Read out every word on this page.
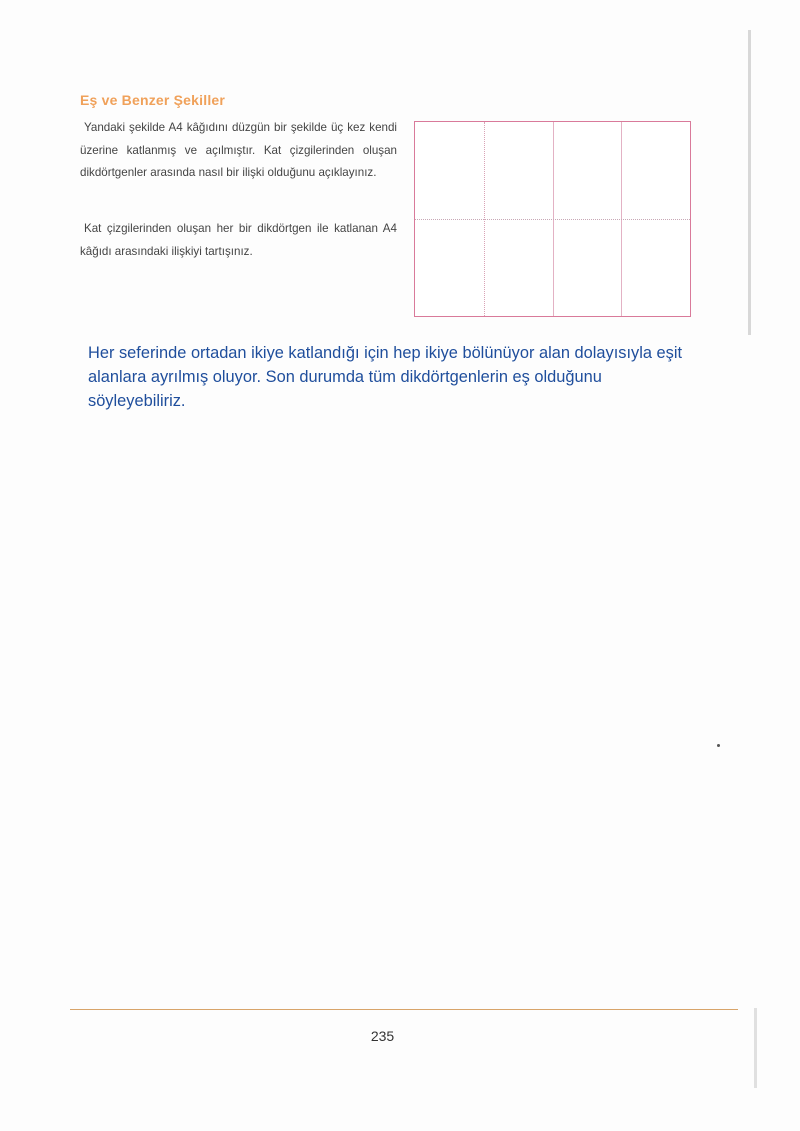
Eş ve Benzer Şekiller

Yandaki şekilde A4 kâğıdını düzgün bir şekilde üç kez kendi üzerine katlanmış ve açılmıştır. Kat çizgilerinden oluşan dikdörtgenler arasında nasıl bir ilişki olduğunu açıklayınız.

Kat çizgilerinden oluşan her bir dikdörtgen ile katlanan A4 kâğıdı arasındaki ilişkiyi tartışınız.

Her seferinde ortadan ikiye katlandığı için hep ikiye bölünüyor alan dolayısıyla eşit alanlara ayrılmış oluyor. Son durumda tüm dikdörtgenlerin eş olduğunu söyleyebiliriz.

235
